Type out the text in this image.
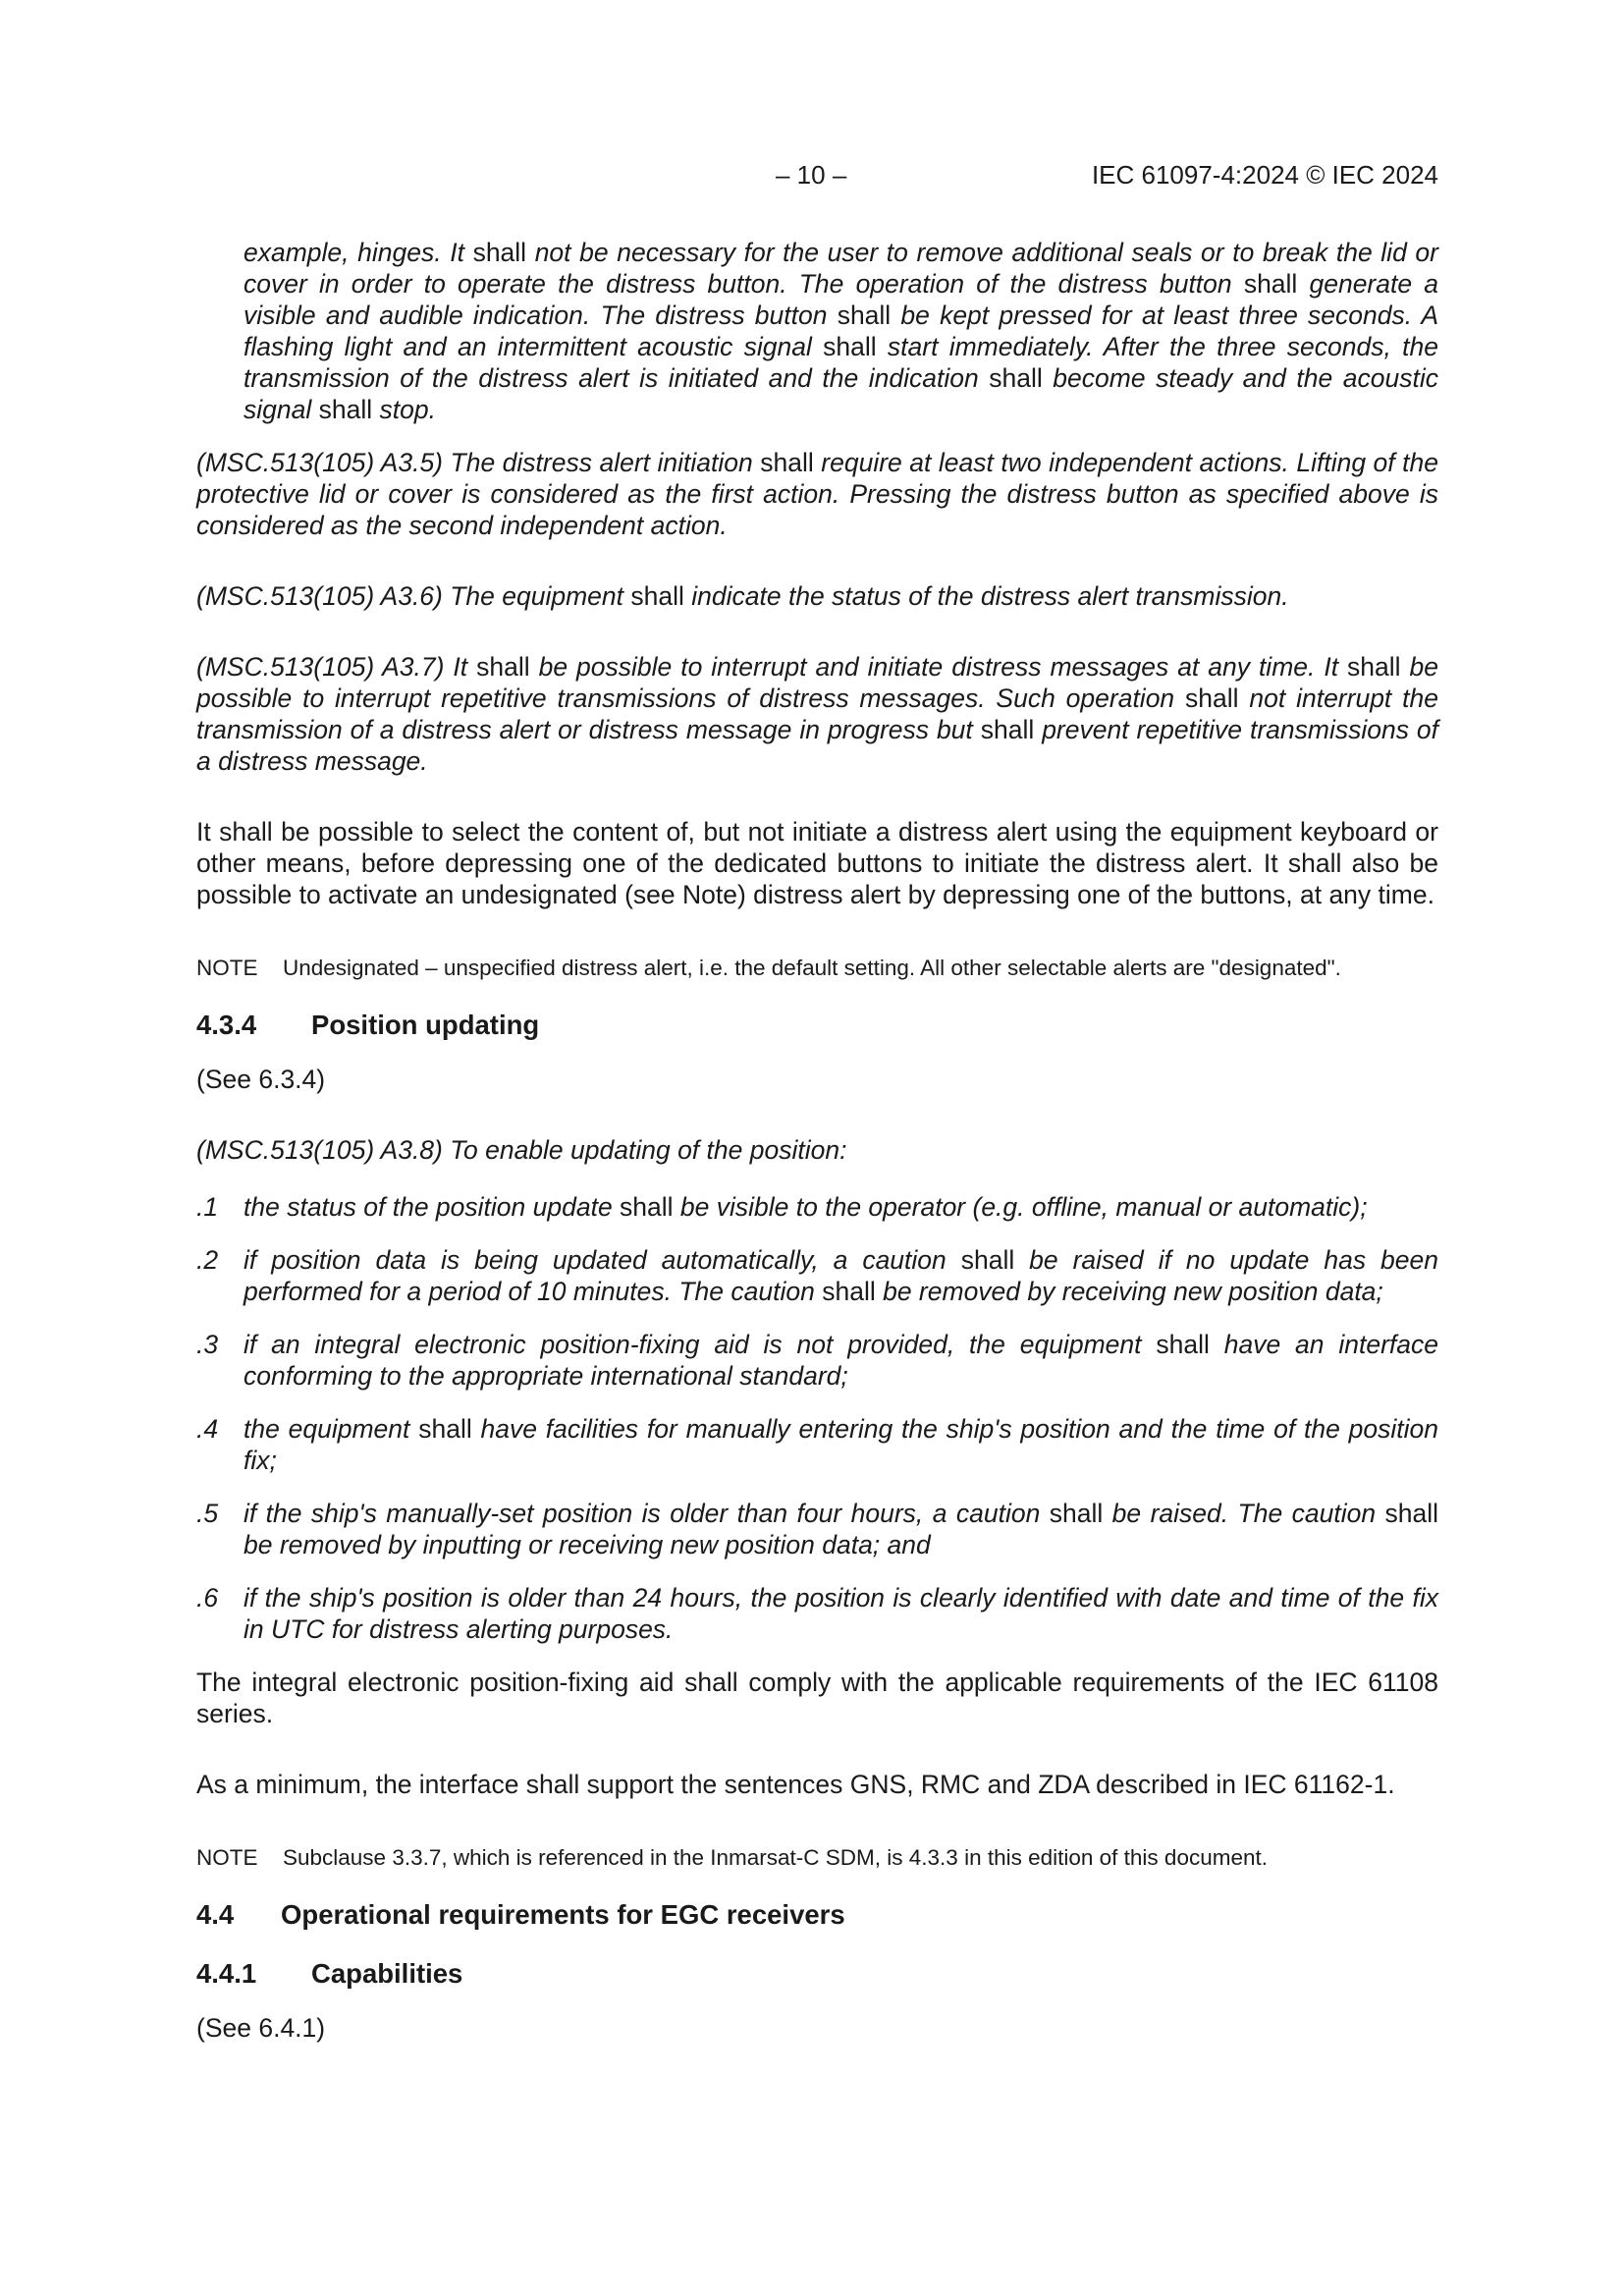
– 10 –	IEC 61097-4:2024 © IEC 2024

example, hinges. It shall not be necessary for the user to remove additional seals or to break the lid or cover in order to operate the distress button. The operation of the distress button shall generate a visible and audible indication. The distress button shall be kept pressed for at least three seconds. A flashing light and an intermittent acoustic signal shall start immediately. After the three seconds, the transmission of the distress alert is initiated and the indication shall become steady and the acoustic signal shall stop.

(MSC.513(105) A3.5) The distress alert initiation shall require at least two independent actions. Lifting of the protective lid or cover is considered as the first action. Pressing the distress button as specified above is considered as the second independent action.

(MSC.513(105) A3.6) The equipment shall indicate the status of the distress alert transmission.

(MSC.513(105) A3.7) It shall be possible to interrupt and initiate distress messages at any time. It shall be possible to interrupt repetitive transmissions of distress messages. Such operation shall not interrupt the transmission of a distress alert or distress message in progress but shall prevent repetitive transmissions of a distress message.

It shall be possible to select the content of, but not initiate a distress alert using the equipment keyboard or other means, before depressing one of the dedicated buttons to initiate the distress alert. It shall also be possible to activate an undesignated (see Note) distress alert by depressing one of the buttons, at any time.

NOTE Undesignated – unspecified distress alert, i.e. the default setting. All other selectable alerts are "designated".

4.3.4 Position updating

(See 6.3.4)

(MSC.513(105) A3.8) To enable updating of the position:

.1 the status of the position update shall be visible to the operator (e.g. offline, manual or automatic);
.2 if position data is being updated automatically, a caution shall be raised if no update has been performed for a period of 10 minutes. The caution shall be removed by receiving new position data;
.3 if an integral electronic position-fixing aid is not provided, the equipment shall have an interface conforming to the appropriate international standard;
.4 the equipment shall have facilities for manually entering the ship's position and the time of the position fix;
.5 if the ship's manually-set position is older than four hours, a caution shall be raised. The caution shall be removed by inputting or receiving new position data; and
.6 if the ship's position is older than 24 hours, the position is clearly identified with date and time of the fix in UTC for distress alerting purposes.

The integral electronic position-fixing aid shall comply with the applicable requirements of the IEC 61108 series.

As a minimum, the interface shall support the sentences GNS, RMC and ZDA described in IEC 61162-1.

NOTE Subclause 3.3.7, which is referenced in the Inmarsat-C SDM, is 4.3.3 in this edition of this document.

4.4 Operational requirements for EGC receivers

4.4.1 Capabilities

(See 6.4.1)
